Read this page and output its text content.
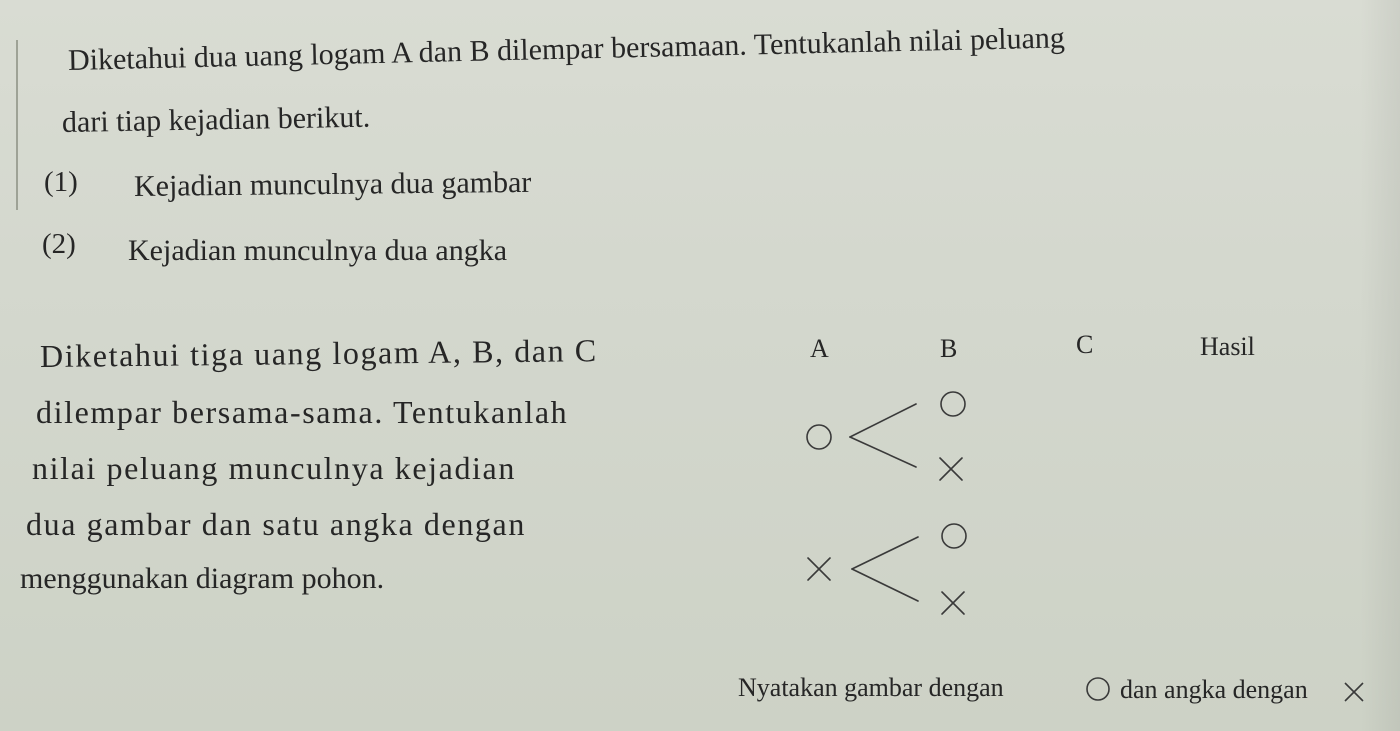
Diketahui dua uang logam A dan B dilempar bersamaan. Tentukanlah nilai peluang
dari tiap kejadian berikut.
(1) Kejadian munculnya dua gambar
(2) Kejadian munculnya dua angka
Diketahui tiga uang logam A, B, dan C
dilempar bersama-sama. Tentukanlah
nilai peluang munculnya kejadian
dua gambar dan satu angka dengan
menggunakan diagram pohon.
A	B	C	Hasil
Nyatakan gambar dengan	dan angka dengan
